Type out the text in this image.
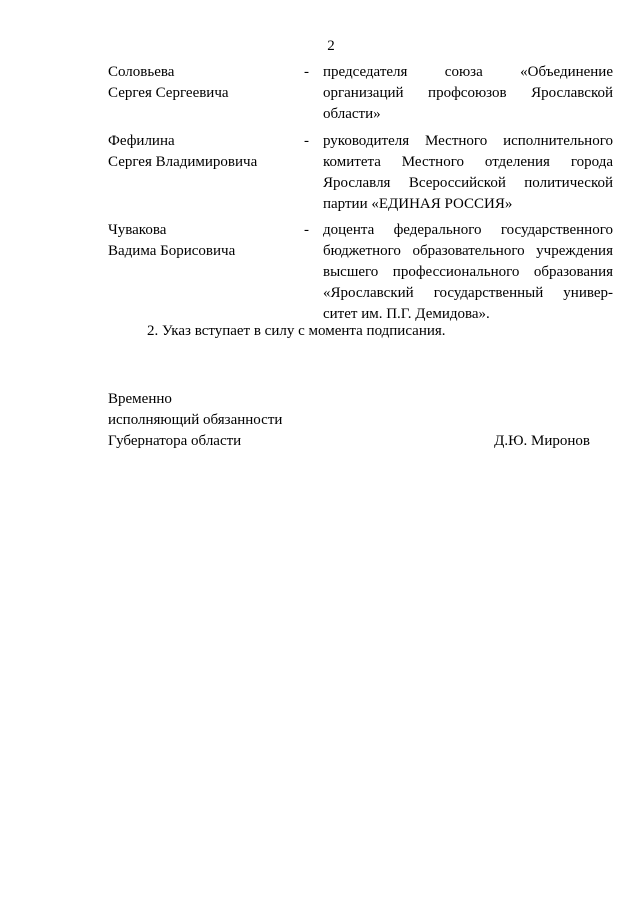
2
Соловьева
Сергея Сергеевича
- председателя союза «Объединение
организаций профсоюзов Ярославской
области»
Фефилина
Сергея Владимировича
- руководителя Местного исполнительного
комитета Местного отделения города
Ярославля Всероссийской политической
партии «ЕДИНАЯ РОССИЯ»
Чувакова
Вадима Борисовича
- доцента федерального государственного
бюджетного образовательного учреждения
высшего профессионального образования
«Ярославский государственный универ-
ситет им. П.Г. Демидова».
2. Указ вступает в силу с момента подписания.
Временно
исполняющий обязанности
Губернатора области	Д.Ю. Миронов
